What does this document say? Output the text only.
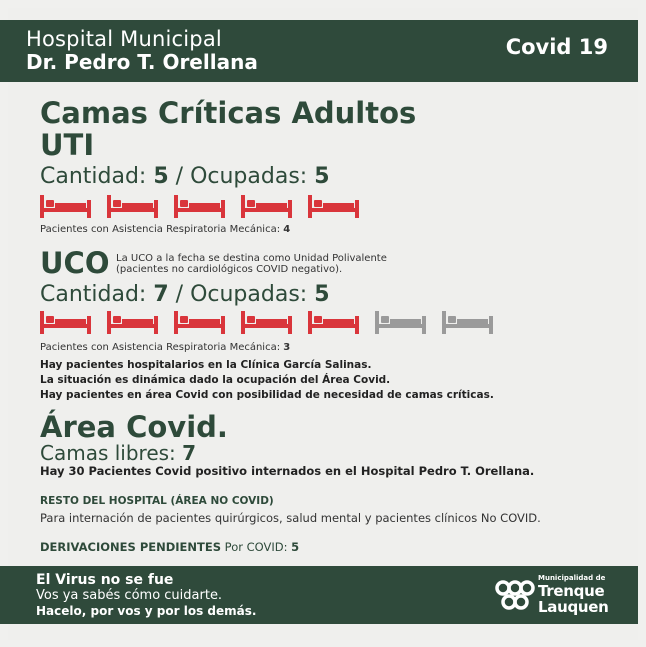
Hospital Municipal
Dr. Pedro T. Orellana
Covid 19
Camas Críticas Adultos
UTI
Cantidad: 5 / Ocupadas: 5
Pacientes con Asistencia Respiratoria Mecánica: 4
UCO La UCO a la fecha se destina como Unidad Polivalente
(pacientes no cardiológicos COVID negativo).
Cantidad: 7 / Ocupadas: 5
Pacientes con Asistencia Respiratoria Mecánica: 3
Hay pacientes hospitalarios en la Clínica García Salinas.
La situación es dinámica dado la ocupación del Área Covid.
Hay pacientes en área Covid con posibilidad de necesidad de camas críticas.
Área Covid.
Camas libres: 7
Hay 30 Pacientes Covid positivo internados en el Hospital Pedro T. Orellana.
RESTO DEL HOSPITAL (ÁREA NO COVID)
Para internación de pacientes quirúrgicos, salud mental y pacientes clínicos No COVID.
DERIVACIONES PENDIENTES Por COVID: 5
El Virus no se fue
Vos ya sabés cómo cuidarte.
Hacelo, por vos y por los demás.
Municipalidad de
Trenque
Lauquen
